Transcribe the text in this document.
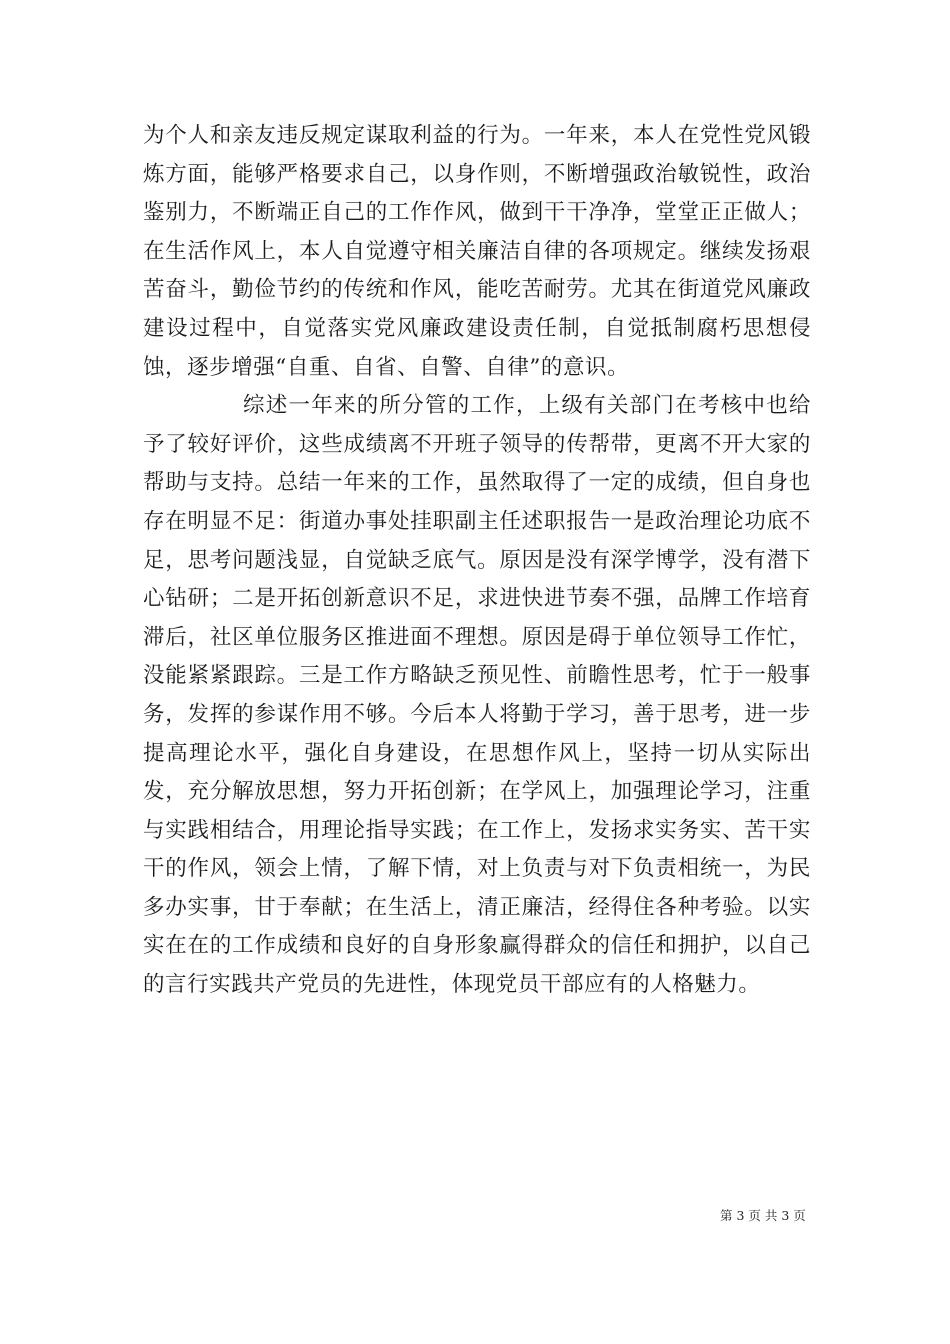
为个人和亲友违反规定谋取利益的行为。一年来，本人在党性党风锻炼方面，能够严格要求自己，以身作则，不断增强政治敏锐性，政治鉴别力，不断端正自己的工作作风，做到干干净净，堂堂正正做人；在生活作风上，本人自觉遵守相关廉洁自律的各项规定。继续发扬艰苦奋斗，勤俭节约的传统和作风，能吃苦耐劳。尤其在街道党风廉政建设过程中，自觉落实党风廉政建设责任制，自觉抵制腐朽思想侵蚀，逐步增强“自重、自省、自警、自律”的意识。

综述一年来的所分管的工作，上级有关部门在考核中也给予了较好评价，这些成绩离不开班子领导的传帮带，更离不开大家的帮助与支持。总结一年来的工作，虽然取得了一定的成绩，但自身也存在明显不足：街道办事处挂职副主任述职报告一是政治理论功底不足，思考问题浅显，自觉缺乏底气。原因是没有深学博学，没有潜下心钻研；二是开拓创新意识不足，求进快进节奏不强，品牌工作培育滞后，社区单位服务区推进面不理想。原因是碍于单位领导工作忙，没能紧紧跟踪。三是工作方略缺乏预见性、前瞻性思考，忙于一般事务，发挥的参谋作用不够。今后本人将勤于学习，善于思考，进一步提高理论水平，强化自身建设，在思想作风上，坚持一切从实际出发，充分解放思想，努力开拓创新；在学风上，加强理论学习，注重与实践相结合，用理论指导实践；在工作上，发扬求实务实、苦干实干的作风，领会上情，了解下情，对上负责与对下负责相统一，为民多办实事，甘于奉献；在生活上，清正廉洁，经得住各种考验。以实实在在的工作成绩和良好的自身形象赢得群众的信任和拥护，以自己的言行实践共产党员的先进性，体现党员干部应有的人格魅力。

第 3 页 共 3 页
